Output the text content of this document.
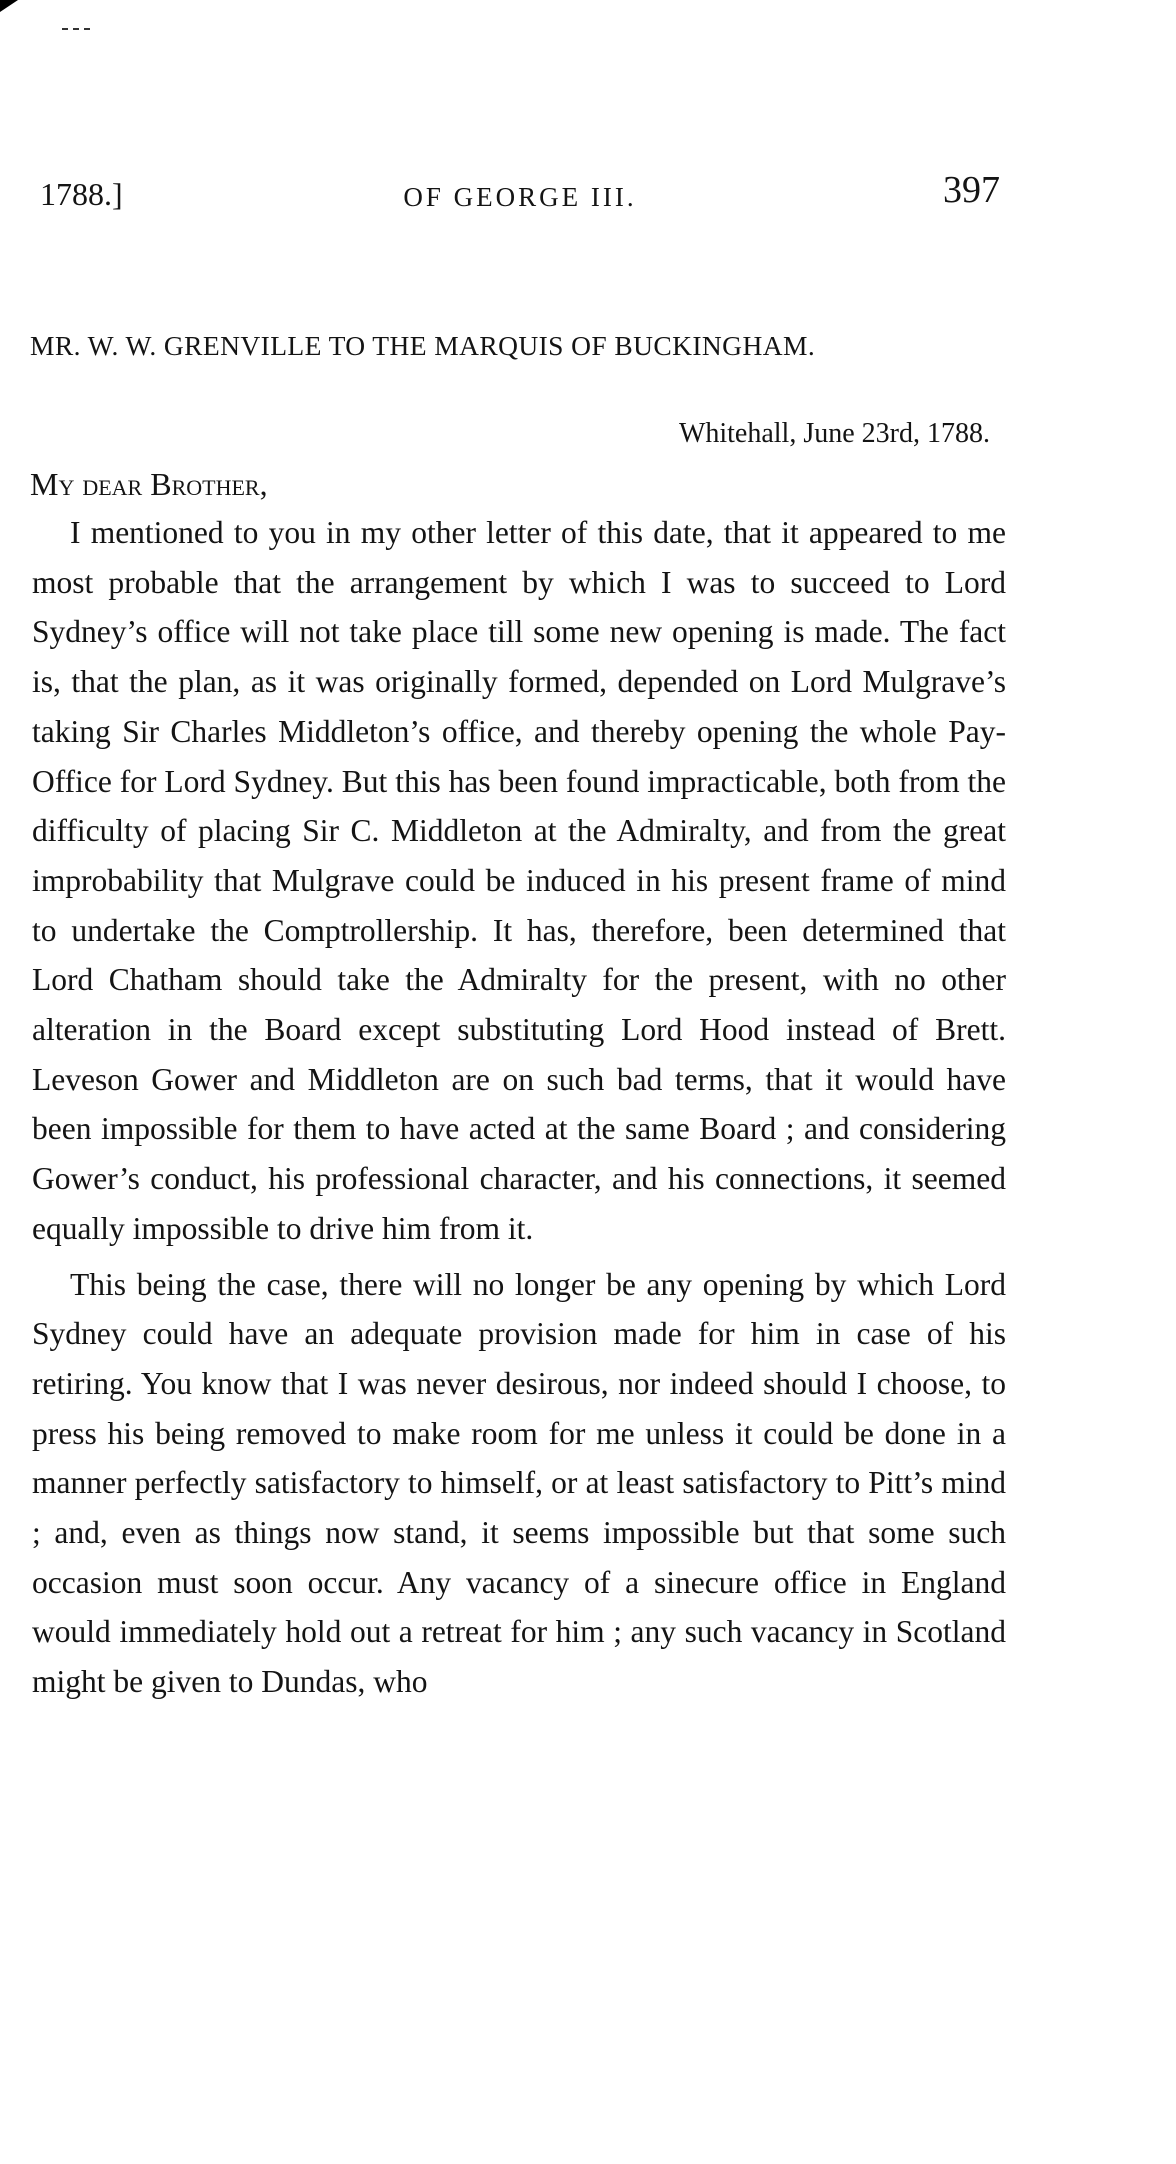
1788.]	OF GEORGE III.	397
MR. W. W. GRENVILLE TO THE MARQUIS OF BUCKINGHAM.
Whitehall, June 23rd, 1788.
My dear Brother,

I mentioned to you in my other letter of this date, that it appeared to me most probable that the arrangement by which I was to succeed to Lord Sydney’s office will not take place till some new opening is made. The fact is, that the plan, as it was originally formed, depended on Lord Mulgrave’s taking Sir Charles Middleton’s office, and thereby opening the whole Pay-Office for Lord Sydney. But this has been found impracticable, both from the difficulty of placing Sir C. Middleton at the Admiralty, and from the great improbability that Mulgrave could be induced in his present frame of mind to undertake the Comptrollership. It has, therefore, been determined that Lord Chatham should take the Admiralty for the present, with no other alteration in the Board except substituting Lord Hood instead of Brett. Leveson Gower and Middleton are on such bad terms, that it would have been impossible for them to have acted at the same Board ; and considering Gower’s conduct, his professional character, and his connections, it seemed equally impossible to drive him from it.

This being the case, there will no longer be any opening by which Lord Sydney could have an adequate provision made for him in case of his retiring. You know that I was never desirous, nor indeed should I choose, to press his being removed to make room for me unless it could be done in a manner perfectly satisfactory to himself, or at least satisfactory to Pitt’s mind ; and, even as things now stand, it seems impossible but that some such occasion must soon occur. Any vacancy of a sinecure office in England would immediately hold out a retreat for him ; any such vacancy in Scotland might be given to Dundas, who
